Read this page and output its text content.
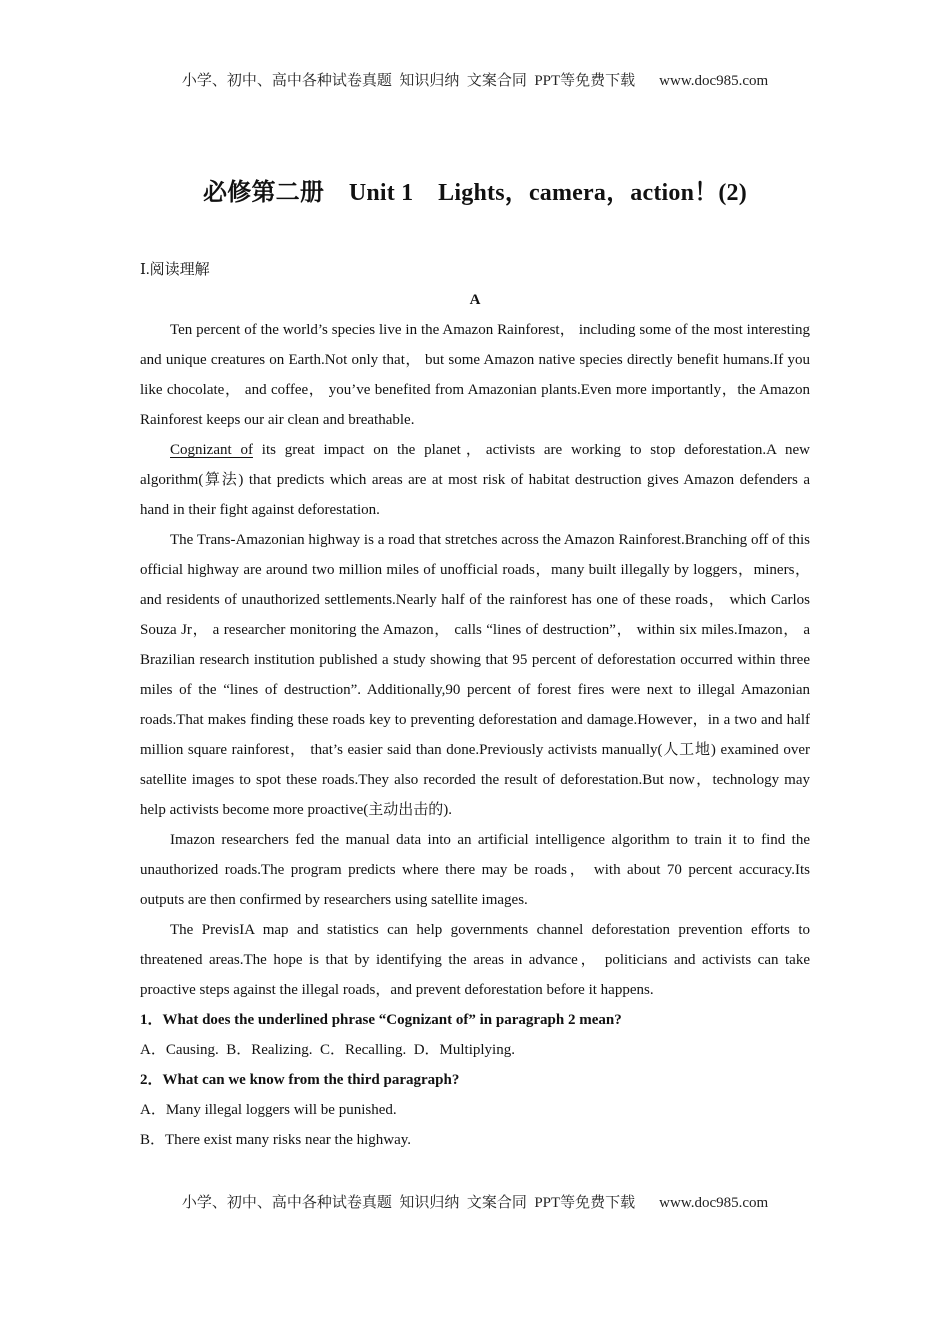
小学、初中、高中各种试卷真题  知识归纳  文案合同  PPT等免费下载 www.doc985.com
必修第二册    Unit 1    Lights，camera，action！(2)

Ⅰ.阅读理解

A

Ten percent of the world’s species live in the Amazon Rainforest， including some of the most interesting and unique creatures on Earth.Not only that， but some Amazon native species directly benefit humans.If you like chocolate， and coffee， you’ve benefited from Amazonian plants.Even more importantly，the Amazon Rainforest keeps our air clean and breathable.

Cognizant of its great impact on the planet，activists are working to stop deforestation.A new algorithm(算法) that predicts which areas are at most risk of habitat destruction gives Amazon defenders a hand in their fight against deforestation.

The Trans-Amazonian highway is a road that stretches across the Amazon Rainforest.Branching off of this official highway are around two million miles of unofficial roads，many built illegally by loggers，miners， and residents of unauthorized settlements.Nearly half of the rainforest has one of these roads， which Carlos Souza Jr， a researcher monitoring the Amazon， calls “lines of destruction”， within six miles.Imazon， a Brazilian research institution published a study showing that 95 percent of deforestation occurred within three miles of the “lines of destruction”. Additionally,90 percent of forest fires were next to illegal Amazonian roads.That makes finding these roads key to preventing deforestation and damage.However，in a two and half million square rainforest， that’s easier said than done.Previously activists manually(人工地) examined over satellite images to spot these roads.They also recorded the result of deforestation.But now，technology may help activists become more proactive(主动出击的).

Imazon researchers fed the manual data into an artificial intelligence algorithm to train it to find the unauthorized roads.The program predicts where there may be roads， with about 70 percent accuracy.Its outputs are then confirmed by researchers using satellite images.

The PrevisIA map and statistics can help governments channel deforestation prevention efforts to threatened areas.The hope is that by identifying the areas in advance， politicians and activists can take proactive steps against the illegal roads，and prevent deforestation before it happens.

1．What does the underlined phrase “Cognizant of” in paragraph 2 mean?

A．Causing.  B．Realizing.  C．Recalling.  D．Multiplying.

2．What can we know from the third paragraph?

A．Many illegal loggers will be punished.

B．There exist many risks near the highway.

小学、初中、高中各种试卷真题  知识归纳  文案合同  PPT等免费下载 www.doc985.com
